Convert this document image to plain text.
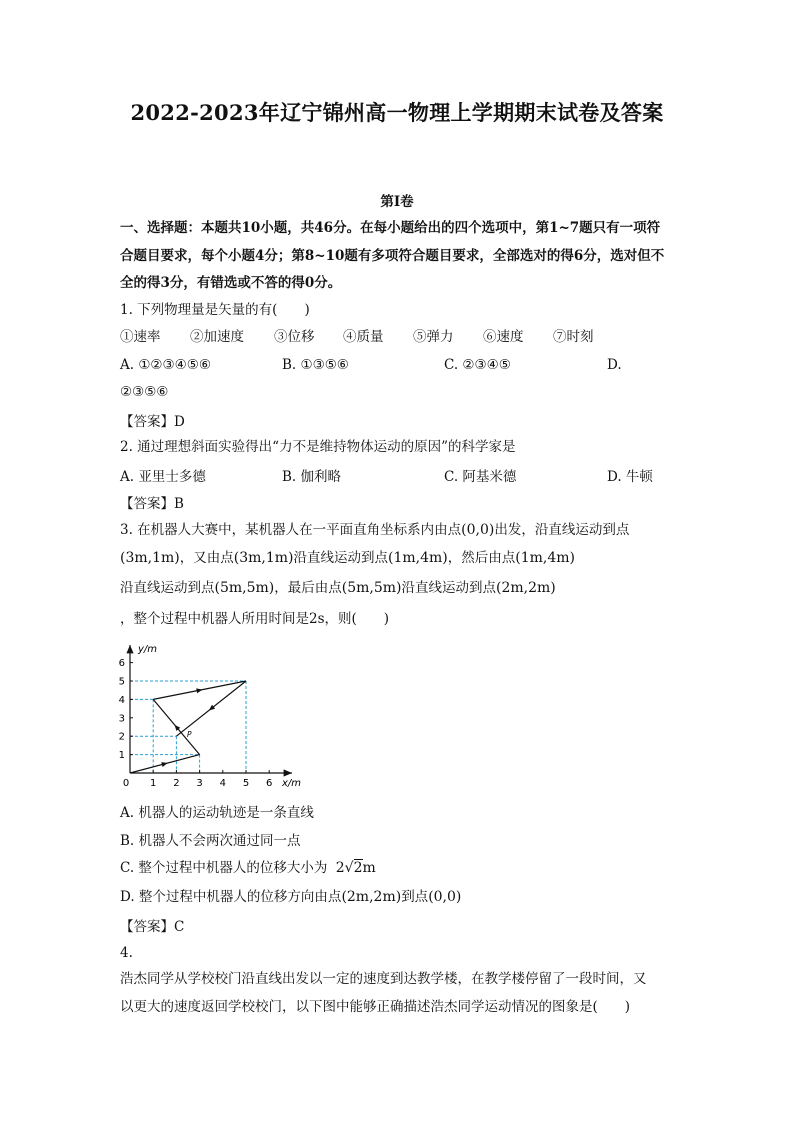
2022-2023年辽宁锦州高一物理上学期期末试卷及答案
第I卷
一、选择题：本题共10小题，共46分。在每小题给出的四个选项中，第1~7题只有一项符
合题目要求，每个小题4分；第8~10题有多项符合题目要求，全部选对的得6分，选对但不
全的得3分，有错选或不答的得0分。
1. 下列物理量是矢量的有(　　)
①速率 ②加速度 ③位移 ④质量 ⑤弹力 ⑥速度 ⑦时刻
A. ①②③④⑤⑥	B. ①③⑤⑥	C. ②③④⑤	D.
②③⑤⑥
【答案】D
2. 通过理想斜面实验得出“力不是维持物体运动的原因”的科学家是
A. 亚里士多德	B. 伽利略	C. 阿基米德	D. 牛顿
【答案】B
3. 在机器人大赛中，某机器人在一平面直角坐标系内由点(0,0)出发，沿直线运动到点
(3m,1m)，又由点(3m,1m)沿直线运动到点(1m,4m)，然后由点(1m,4m)
沿直线运动到点(5m,5m)，最后由点(5m,5m)沿直线运动到点(2m,2m)
，整个过程中机器人所用时间是2s，则(　　)
1 2 3 4 5 6
1
2
3
4
5
6
y/m
x/m
0
P
A. 机器人的运动轨迹是一条直线
B. 机器人不会两次通过同一点
C. 整个过程中机器人的位移大小为 2√2m
D. 整个过程中机器人的位移方向由点(2m,2m)到点(0,0)
【答案】C
4.
浩杰同学从学校校门沿直线出发以一定的速度到达教学楼，在教学楼停留了一段时间，又
以更大的速度返回学校校门，以下图中能够正确描述浩杰同学运动情况的图象是(　　)
